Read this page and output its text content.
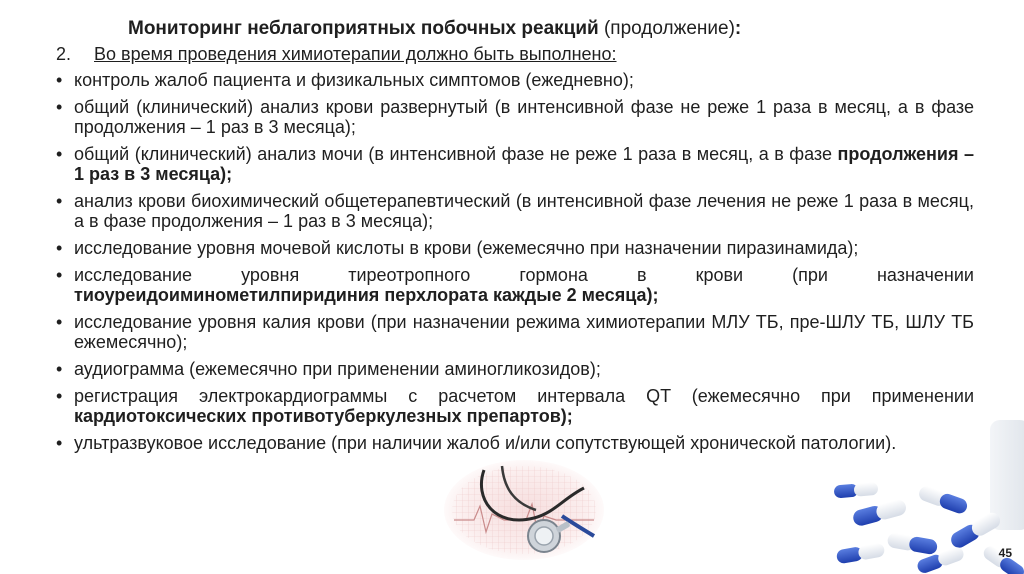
Мониторинг неблагоприятных побочных реакций (продолжение):
2. Во время проведения химиотерапии должно быть выполнено:
• контроль жалоб пациента и физикальных симптомов (ежедневно);
• общий (клинический) анализ крови развернутый (в интенсивной фазе не реже 1 раза в месяц, а в фазе продолжения – 1 раз в 3 месяца);
• общий (клинический) анализ мочи (в интенсивной фазе не реже 1 раза в месяц, а в фазе продолжения – 1 раз в 3 месяца);
• анализ крови биохимический общетерапевтический (в интенсивной фазе лечения не реже 1 раза в месяц, а в фазе продолжения – 1 раз в 3 месяца);
• исследование уровня мочевой кислоты в крови (ежемесячно при назначении пиразинамида);
• исследование уровня тиреотропного гормона в крови (при назначении тиоуреидоиминометилпиридиния перхлората каждые 2 месяца);
• исследование уровня калия крови (при назначении режима химиотерапии МЛУ ТБ, пре-ШЛУ ТБ, ШЛУ ТБ ежемесячно);
• аудиограмма (ежемесячно при применении аминогликозидов);
• регистрация электрокардиограммы с расчетом интервала QT (ежемесячно при применении кардиотоксических противотуберкулезных препартов);
• ультразвуковое исследование (при наличии жалоб и/или сопутствующей хронической патологии).
45
